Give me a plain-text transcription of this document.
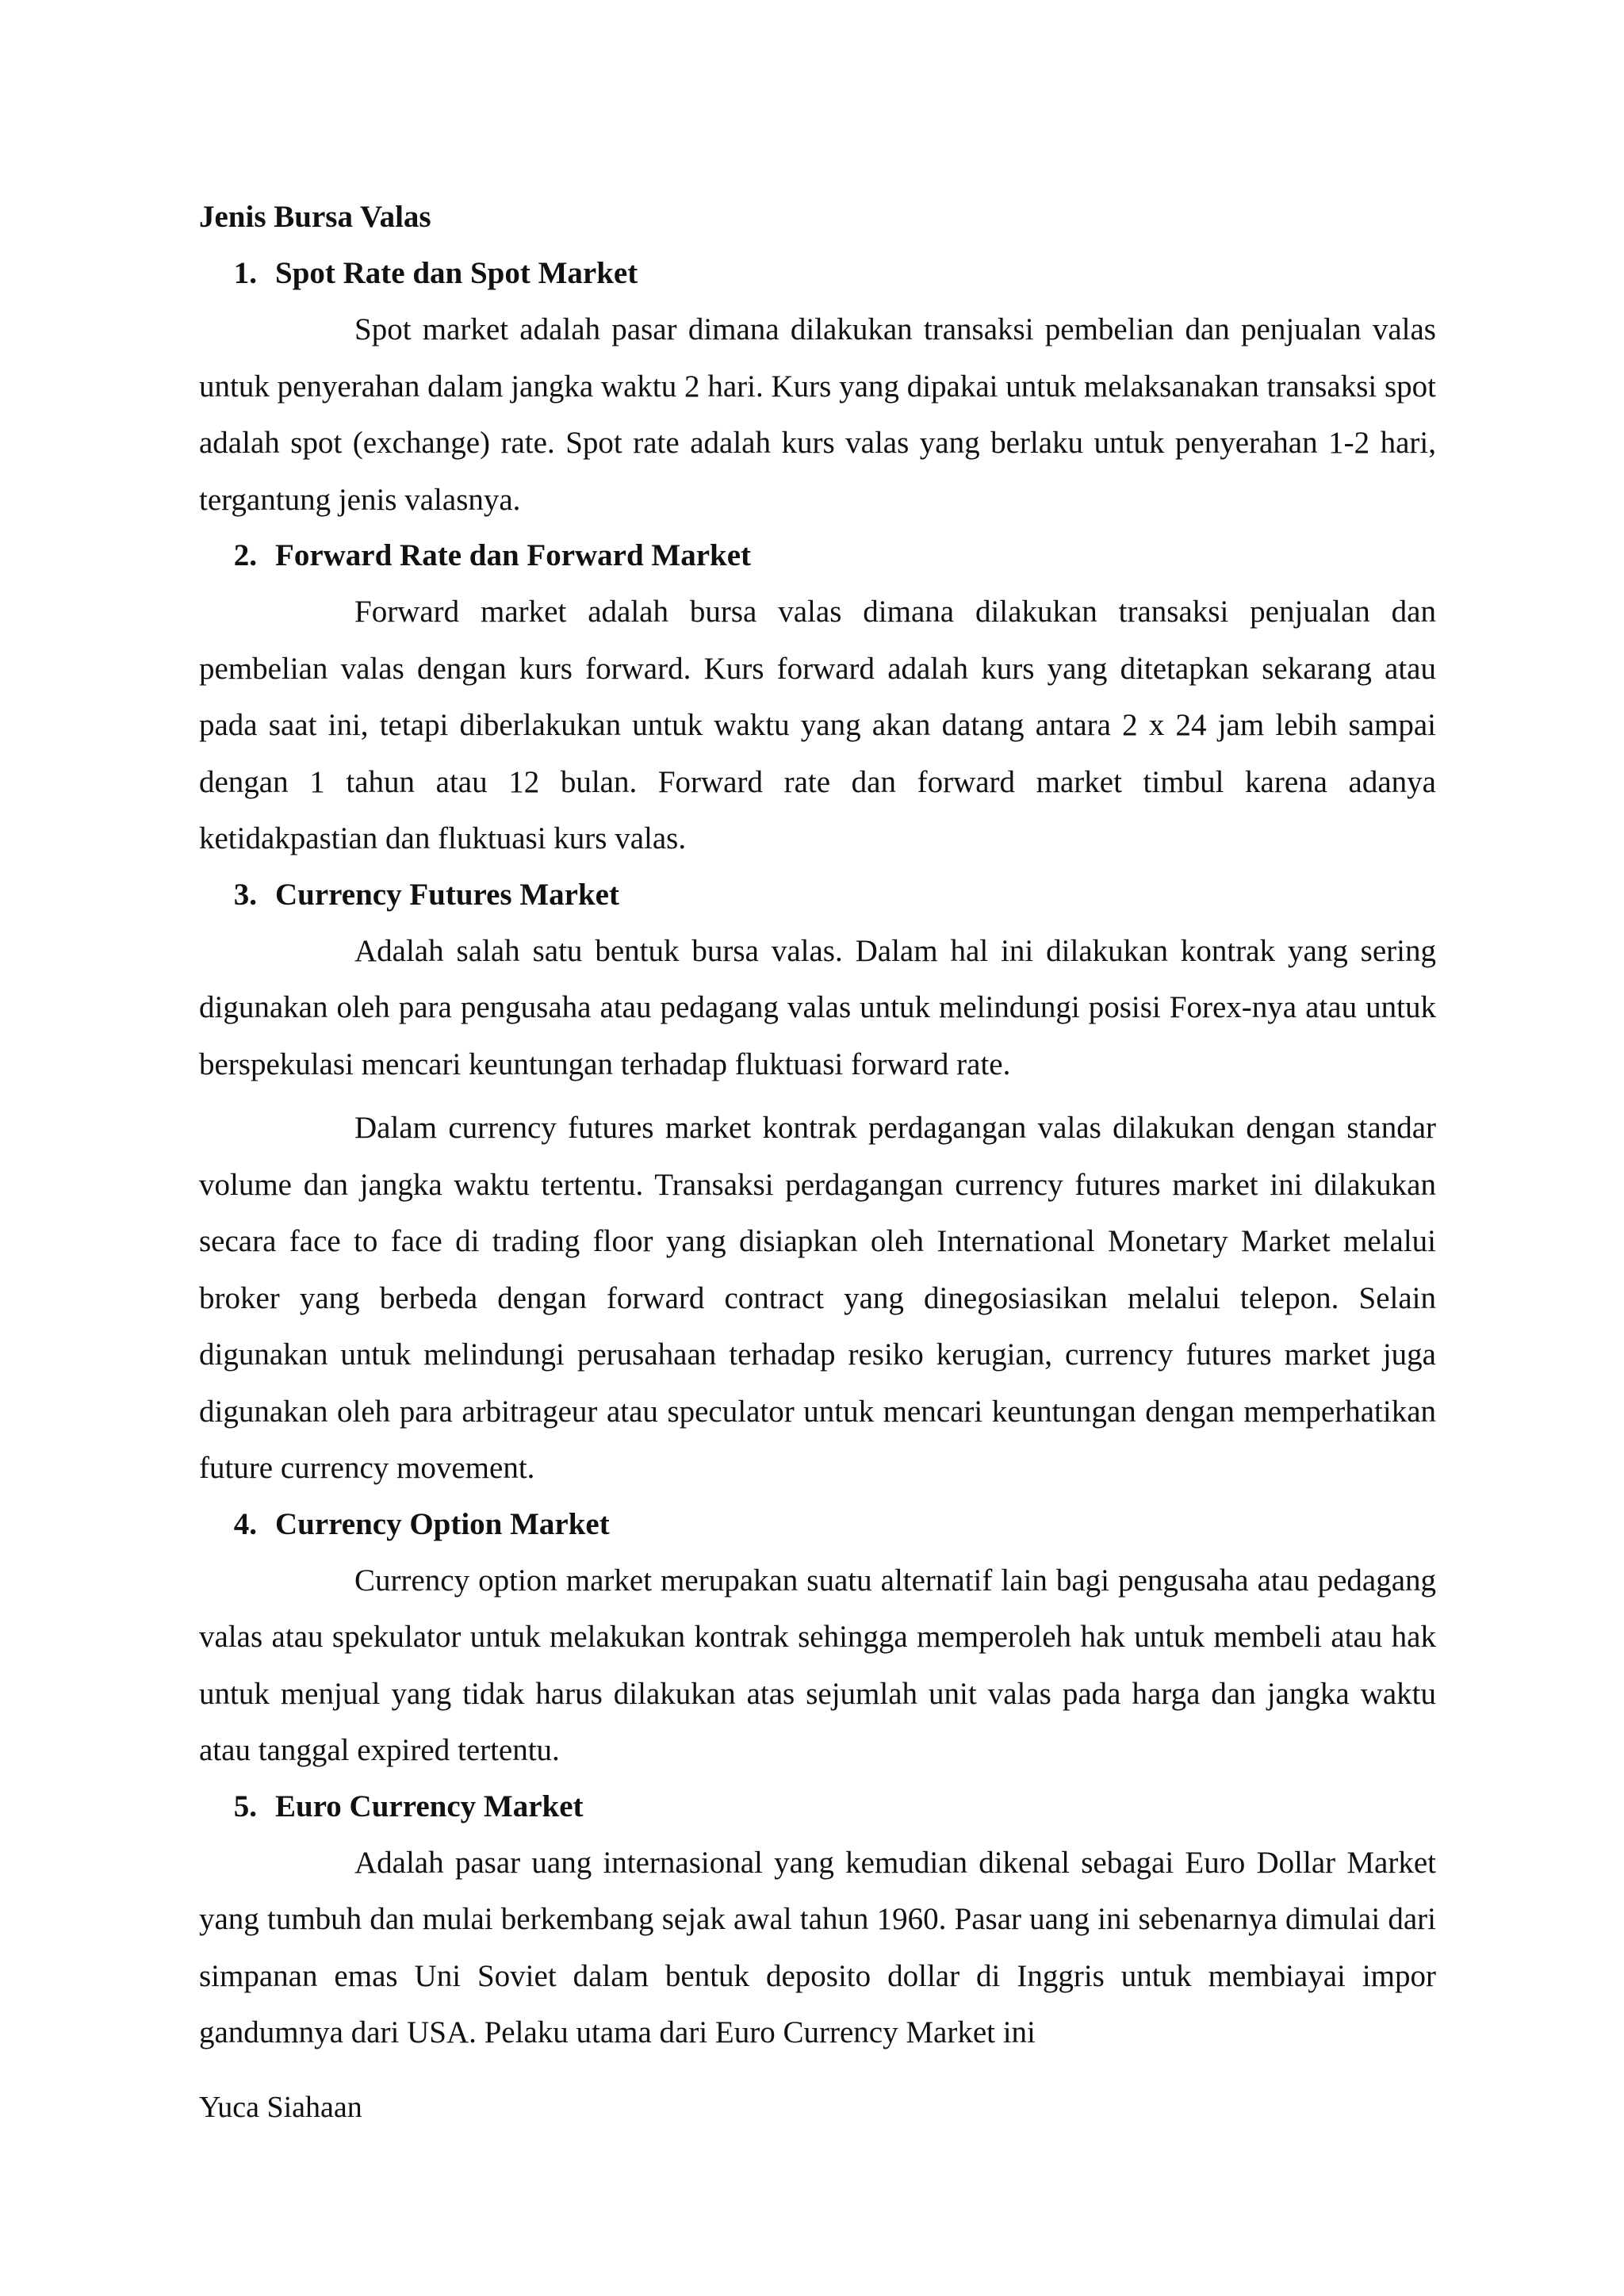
Jenis Bursa Valas
1. Spot Rate dan Spot Market

Spot market adalah pasar dimana dilakukan transaksi pembelian dan penjualan valas untuk penyerahan dalam jangka waktu 2 hari. Kurs yang dipakai untuk melaksanakan transaksi spot adalah spot (exchange) rate. Spot rate adalah kurs valas yang berlaku untuk penyerahan 1-2 hari, tergantung jenis valasnya.

2. Forward Rate dan Forward Market

Forward market adalah bursa valas dimana dilakukan transaksi penjualan dan pembelian valas dengan kurs forward. Kurs forward adalah kurs yang ditetapkan sekarang atau pada saat ini, tetapi diberlakukan untuk waktu yang akan datang antara 2 x 24 jam lebih sampai dengan 1 tahun atau 12 bulan. Forward rate dan forward market timbul karena adanya ketidakpastian dan fluktuasi kurs valas.

3. Currency Futures Market

Adalah salah satu bentuk bursa valas. Dalam hal ini dilakukan kontrak yang sering digunakan oleh para pengusaha atau pedagang valas untuk melindungi posisi Forex-nya atau untuk berspekulasi mencari keuntungan terhadap fluktuasi forward rate.

Dalam currency futures market kontrak perdagangan valas dilakukan dengan standar volume dan jangka waktu tertentu. Transaksi perdagangan currency futures market ini dilakukan secara face to face di trading floor yang disiapkan oleh International Monetary Market melalui broker yang berbeda dengan forward contract yang dinegosiasikan melalui telepon. Selain digunakan untuk melindungi perusahaan terhadap resiko kerugian, currency futures market juga digunakan oleh para arbitrageur atau speculator untuk mencari keuntungan dengan memperhatikan future currency movement.

4. Currency Option Market

Currency option market merupakan suatu alternatif lain bagi pengusaha atau pedagang valas atau spekulator untuk melakukan kontrak sehingga memperoleh hak untuk membeli atau hak untuk menjual yang tidak harus dilakukan atas sejumlah unit valas pada harga dan jangka waktu atau tanggal expired tertentu.

5. Euro Currency Market

Adalah pasar uang internasional yang kemudian dikenal sebagai Euro Dollar Market yang tumbuh dan mulai berkembang sejak awal tahun 1960. Pasar uang ini sebenarnya dimulai dari simpanan emas Uni Soviet dalam bentuk deposito dollar di Inggris untuk membiayai impor gandumnya dari USA. Pelaku utama dari Euro Currency Market ini

Yuca Siahaan
